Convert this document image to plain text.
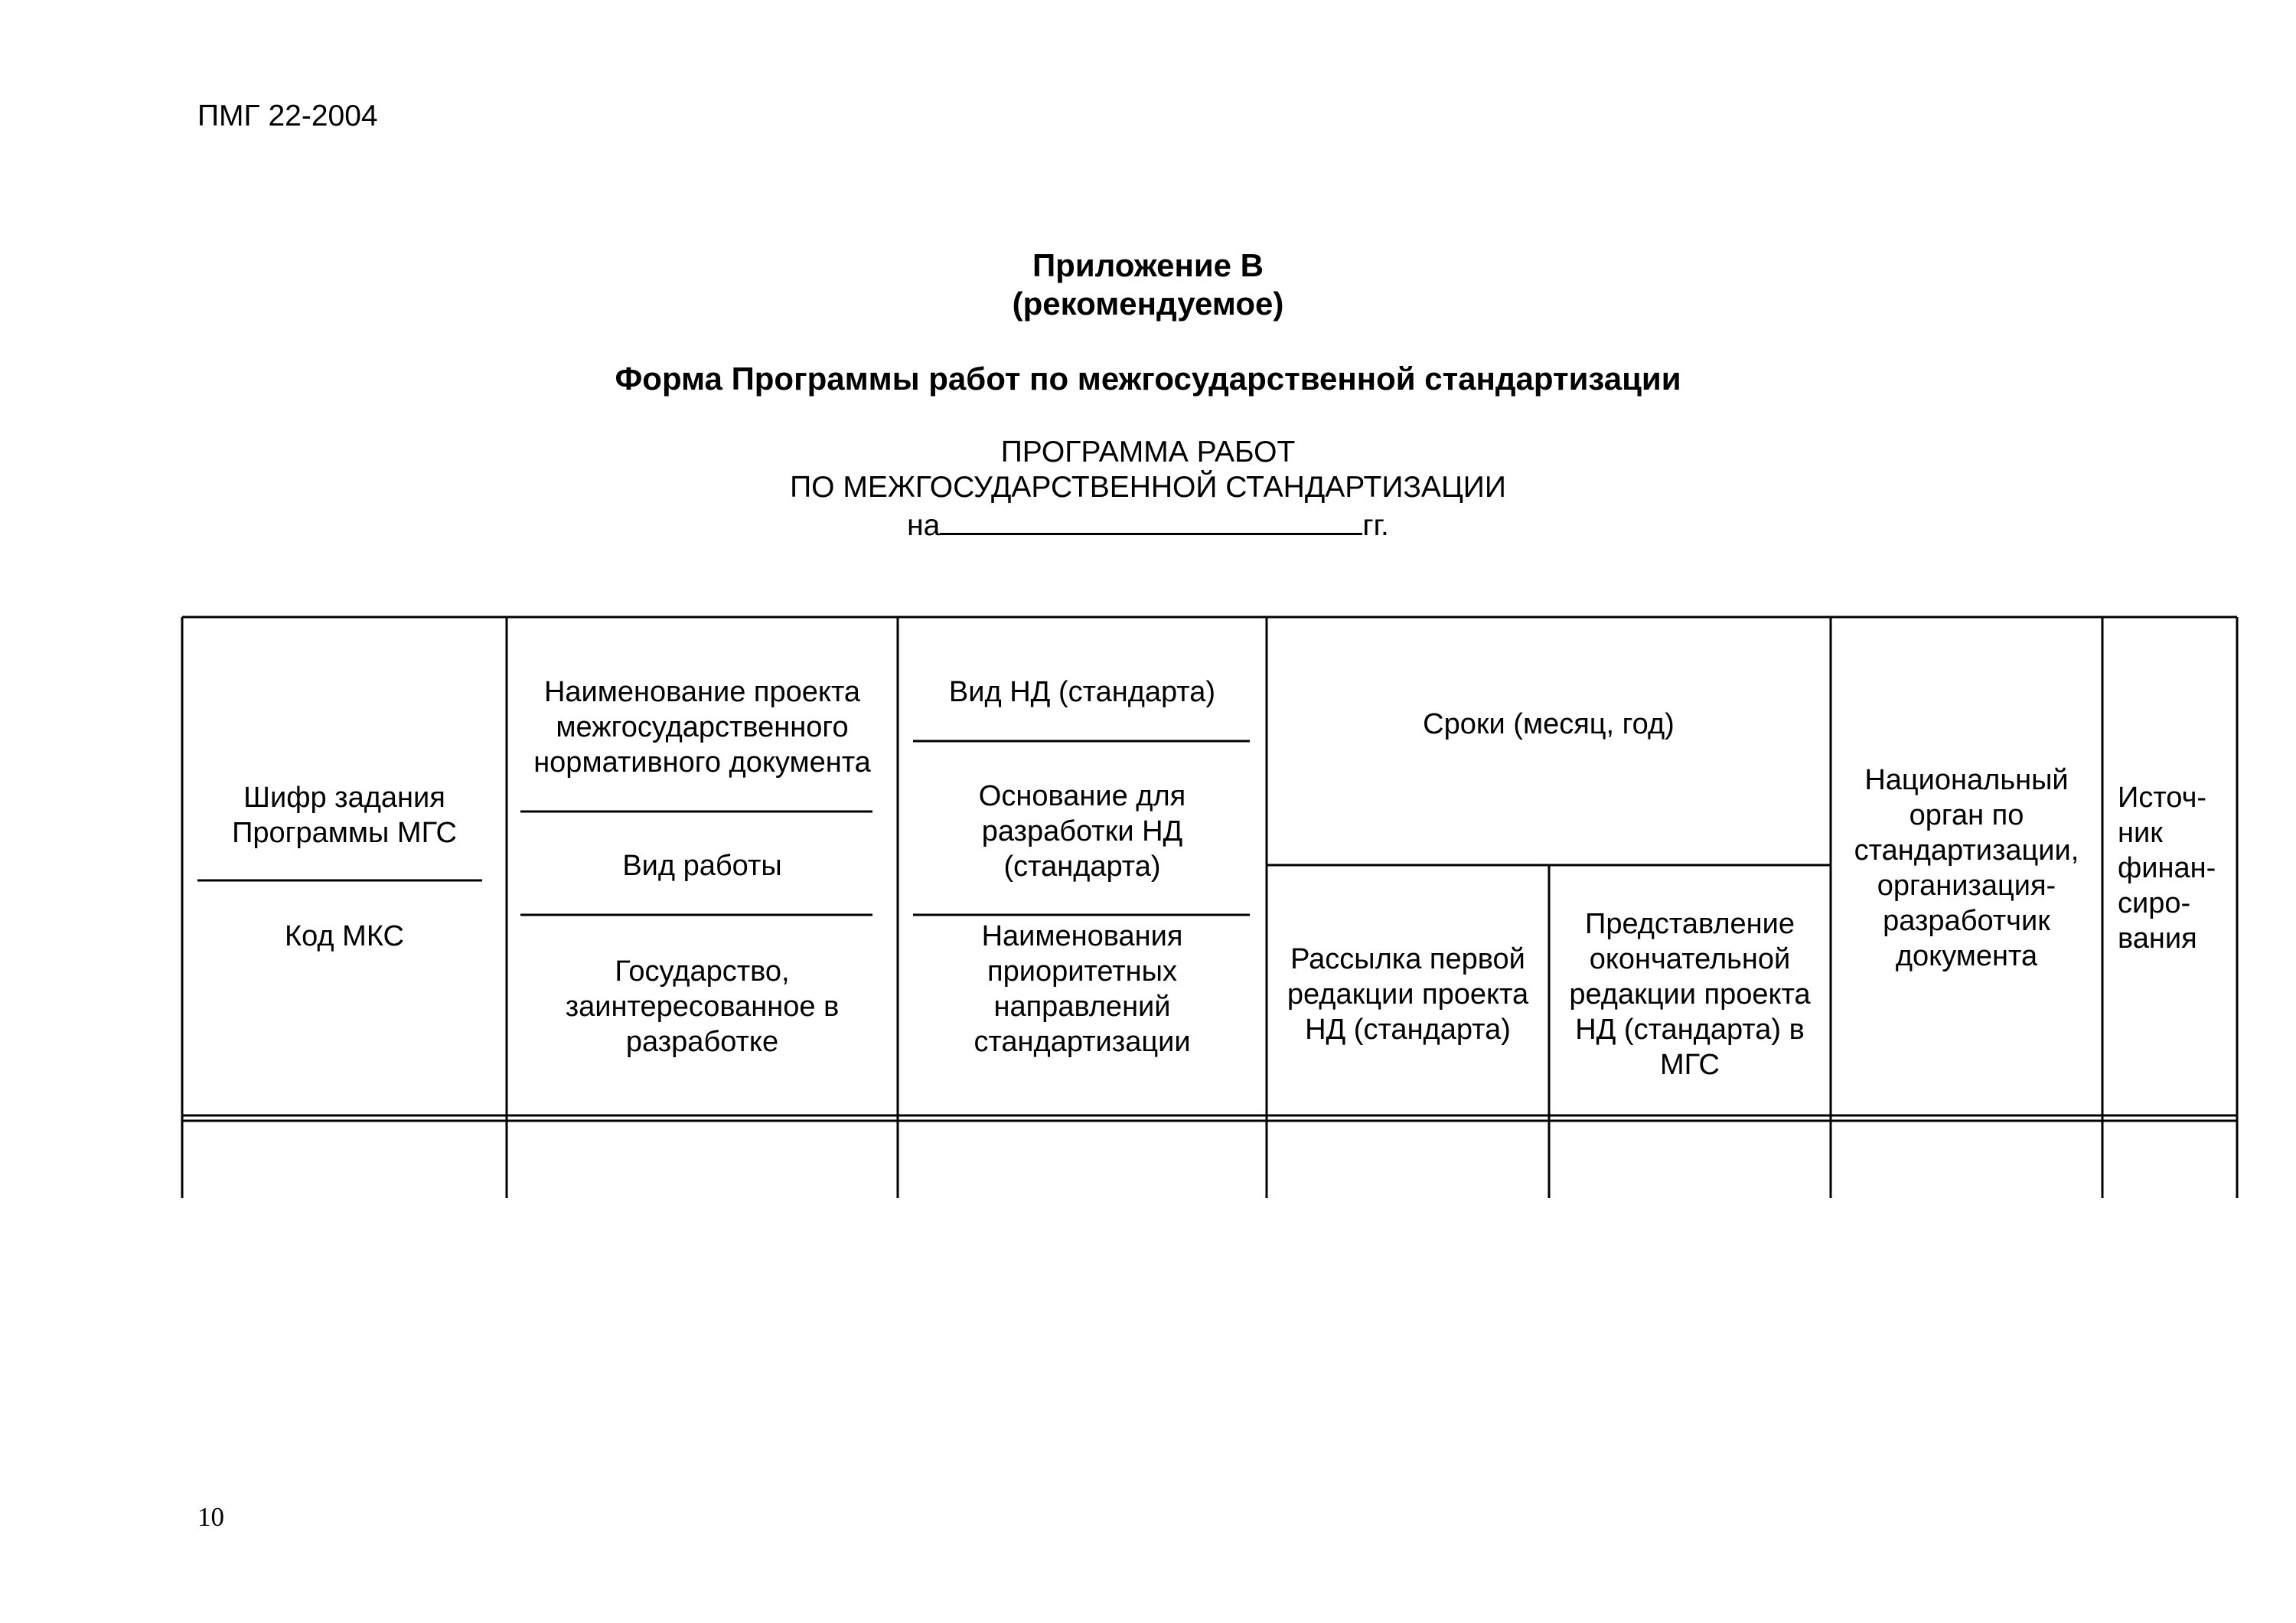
ПМГ 22-2004
Приложение В
(рекомендуемое)
Форма Программы работ по межгосударственной стандартизации
ПРОГРАММА РАБОТ
ПО МЕЖГОСУДАРСТВЕННОЙ СТАНДАРТИЗАЦИИ
на	гг.
Шифр задания
Программы МГС
Код МКС
Наименование проекта
межгосударственного
нормативного документа
Вид работы
Государство,
заинтересованное в
разработке
Вид НД (стандарта)
Основание для
разработки НД
(стандарта)
Наименования
приоритетных
направлений
стандартизации
Сроки (месяц, год)
Рассылка первой
редакции проекта
НД (стандарта)
Представление
окончательной
редакции проекта
НД (стандарта) в
МГС
Национальный
орган по
стандартизации,
организация-
разработчик
документа
Источ-
ник
финан-
сиро-
вания
10
